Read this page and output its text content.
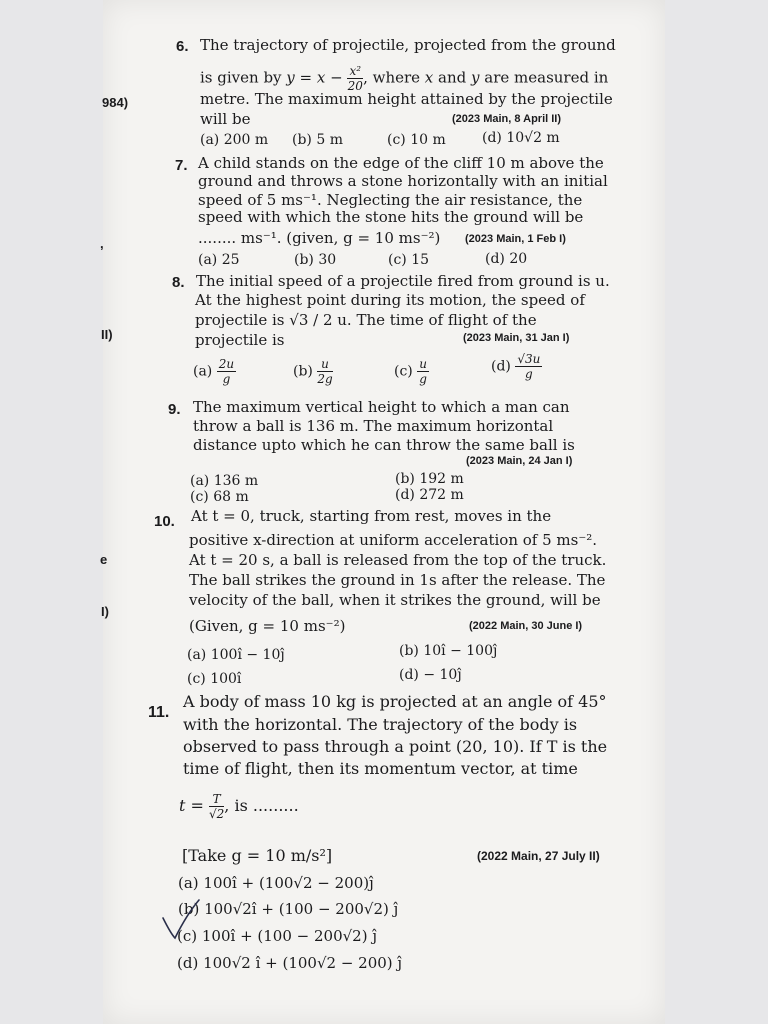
984)
,
II)
e
I)
6. The trajectory of projectile, projected from the ground
is given by $y = x - \frac{\text{x²}}{20}$ , where x and y are measured in
metre. The maximum height attained by the projectile
will be	(2023 Main, 8 April II)
(a) 200 m (b) 5 m	(c) 10 m	(d) 10√2 m
7. A child stands on the edge of the cliff 10 m above the
ground and throws a stone horizontally with an initial
speed of 5 ms⁻¹. Neglecting the air resistance, the
speed with which the stone hits the ground will be
........ ms⁻¹. (given, g = 10 ms⁻²) (2023 Main, 1 Feb I)
(a) 25	(b) 30	(c) 15	(d) 20
8. The initial speed of a projectile fired from ground is u.
At the highest point during its motion, the speed of
projectile is √3 / 2 u. The time of flight of the
projectile is	(2023 Main, 31 Jan I)
$(a) \frac{2u}{g}$	$(b) \frac{u}{2g}$	$(c) \frac{u}{g}$	$(d) \frac{√3u}{g}$
9. The maximum vertical height to which a man can
throw a ball is 136 m. The maximum horizontal
distance upto which he can throw the same ball is
(2023 Main, 24 Jan I)
(a) 136 m	(b) 192 m
(c) 68 m	(d) 272 m
10. At t = 0, truck, starting from rest, moves in the
positive x-direction at uniform acceleration of 5 ms⁻².
At t = 20 s, a ball is released from the top of the truck.
The ball strikes the ground in 1s after the release. The
velocity of the ball, when it strikes the ground, will be
(Given, g = 10 ms⁻²)	(2022 Main, 30 June I)
(a) 100î − 10ĵ	(b) 10î − 100ĵ
(c) 100î	(d) − 10ĵ
11.
A body of mass 10 kg is projected at an angle of 45°
with the horizontal. The trajectory of the body is
observed to pass through a point (20, 10). If T is the
time of flight, then its momentum vector, at time
$t = \frac{T}{√2}$ , is .........
[Take g = 10 m/s²]	(2022 Main, 27 July II)
(a) 100î + (100√2 − 200)ĵ
(b) 100√2î + (100 − 200√2) ĵ
(c) 100î + (100 − 200√2) ĵ
(d) 100√2 î + (100√2 − 200) ĵ
